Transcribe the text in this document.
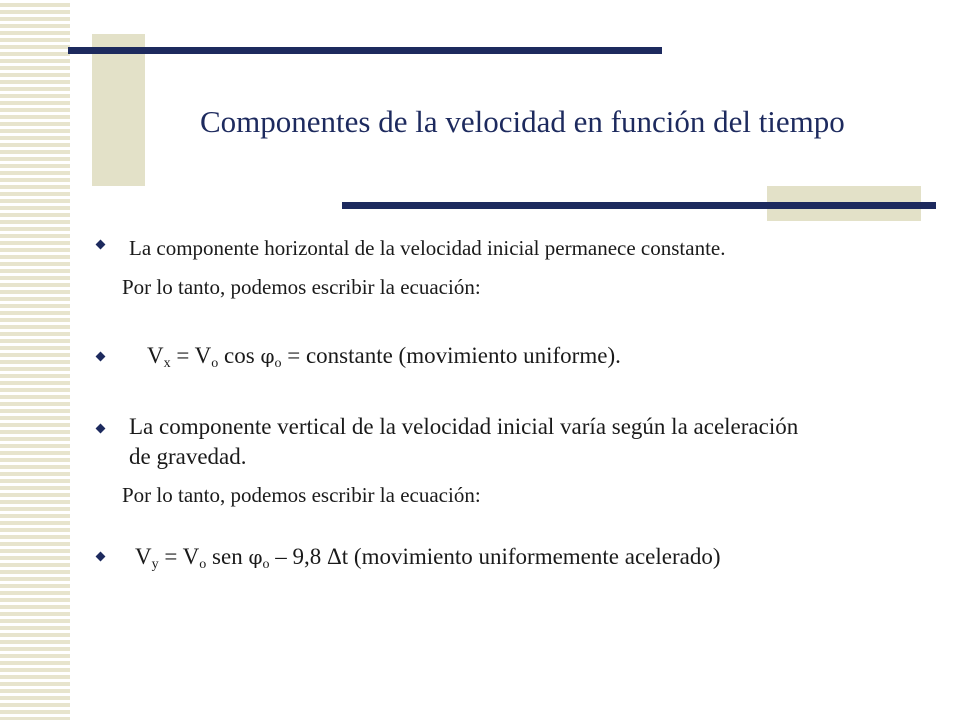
Componentes de la velocidad en función del tiempo
La componente horizontal de la velocidad inicial permanece constante.
Por lo tanto, podemos escribir la ecuación:
$V_x = V_o$ $\cos \varphi_o$ = constante (movimiento uniforme).
La componente vertical de la velocidad inicial varía según la aceleración
de gravedad.
Por lo tanto, podemos escribir la ecuación:
$V_y = V_o$ sen $\varphi_o - 9,8$ Δt (movimiento uniformemente acelerado)
